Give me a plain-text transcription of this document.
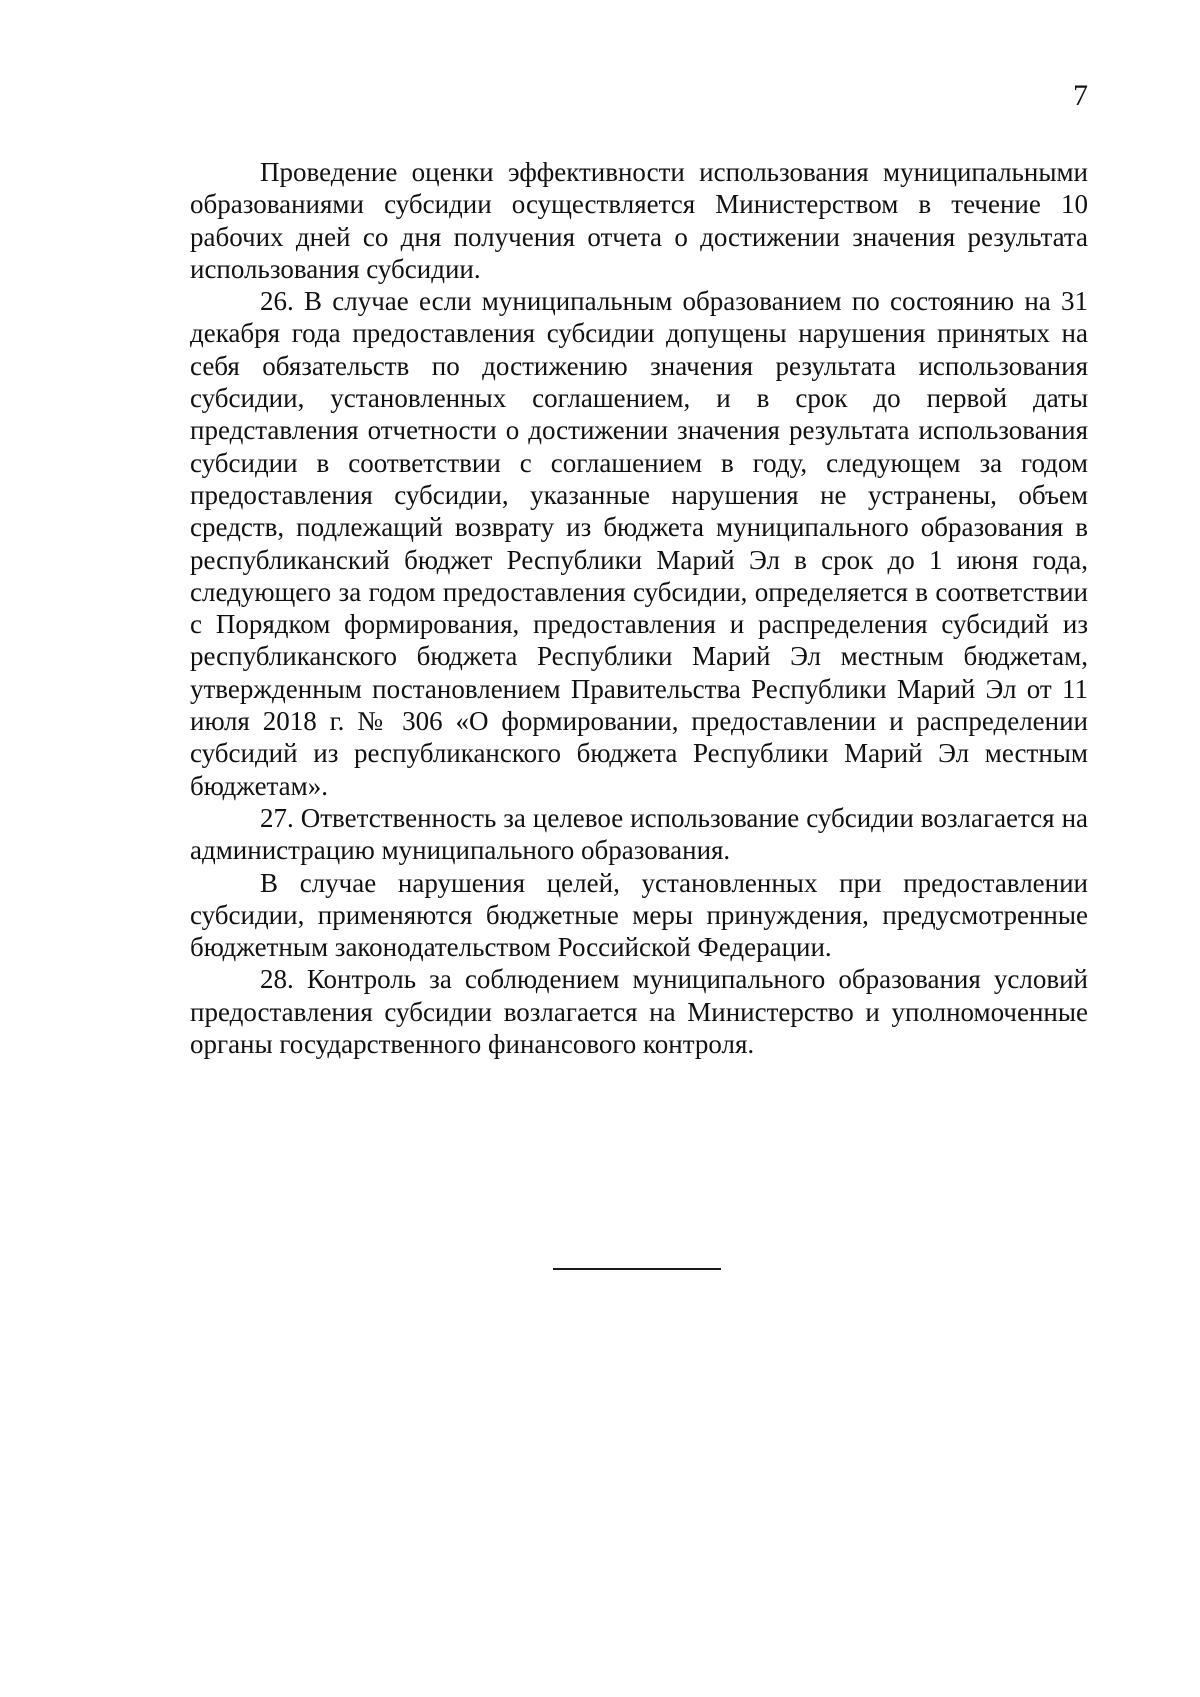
7

Проведение оценки эффективности использования муниципальными образованиями субсидии осуществляется Министерством в течение 10 рабочих дней со дня получения отчета о достижении значения результата использования субсидии.

26. В случае если муниципальным образованием по состоянию на 31 декабря года предоставления субсидии допущены нарушения принятых на себя обязательств по достижению значения результата использования субсидии, установленных соглашением, и в срок до первой даты представления отчетности о достижении значения результата использования субсидии в соответствии с соглашением в году, следующем за годом предоставления субсидии, указанные нарушения не устранены, объем средств, подлежащий возврату из бюджета муниципального образования в республиканский бюджет Республики Марий Эл в срок до 1 июня года, следующего за годом предоставления субсидии, определяется в соответствии с Порядком формирования, предоставления и распределения субсидий из республиканского бюджета Республики Марий Эл местным бюджетам, утвержденным постановлением Правительства Республики Марий Эл от 11 июля 2018 г. № 306 «О формировании, предоставлении и распределении субсидий из республиканского бюджета Республики Марий Эл местным бюджетам».

27. Ответственность за целевое использование субсидии возлагается на администрацию муниципального образования.

В случае нарушения целей, установленных при предоставлении субсидии, применяются бюджетные меры принуждения, предусмотренные бюджетным законодательством Российской Федерации.

28. Контроль за соблюдением муниципального образования условий предоставления субсидии возлагается на Министерство и уполномоченные органы государственного финансового контроля.
